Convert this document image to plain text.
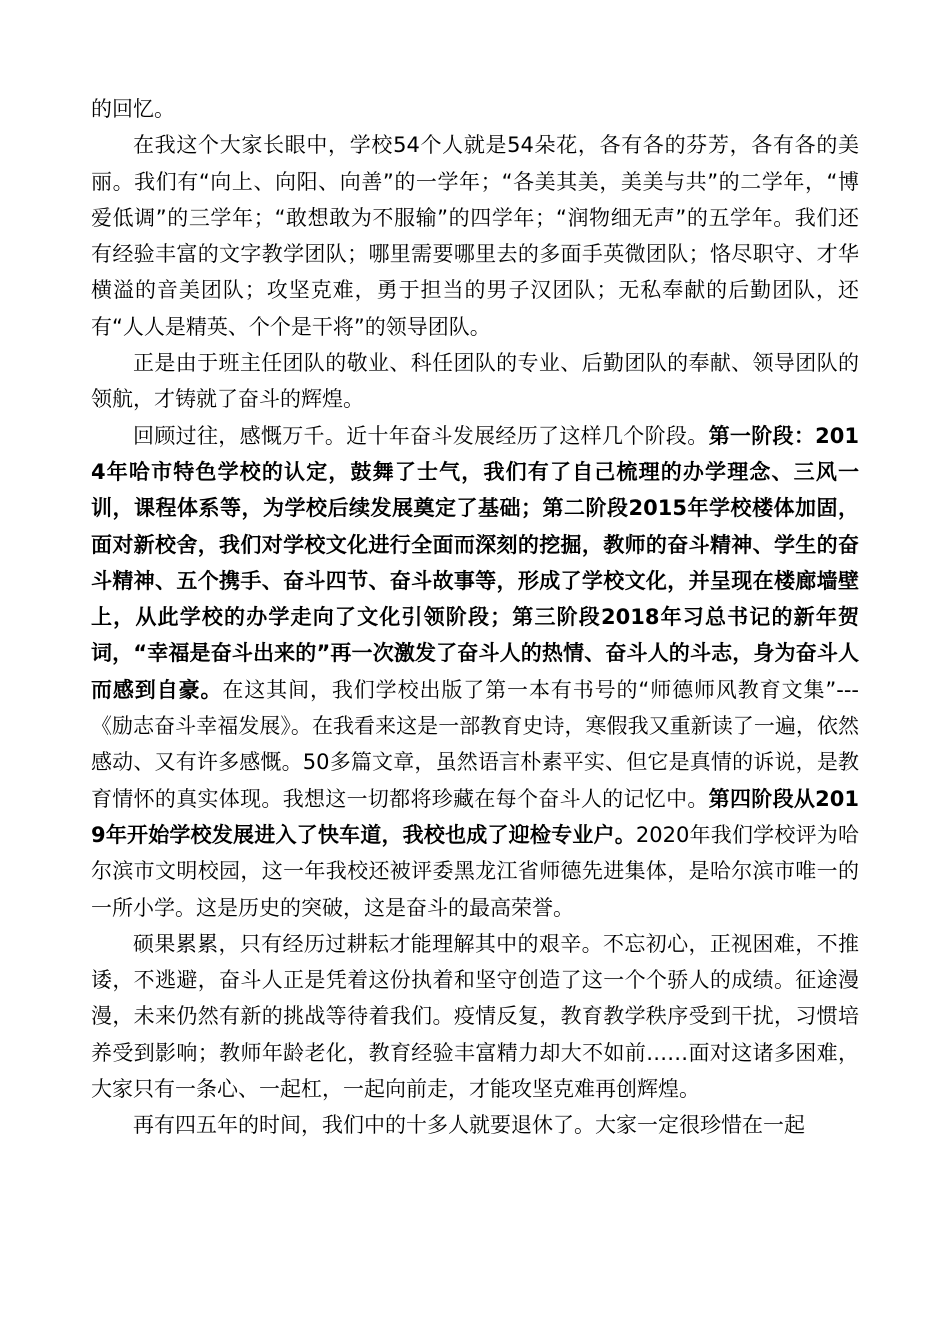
的回忆。

在我这个大家长眼中，学校54个人就是54朵花，各有各的芬芳，各有各的美丽。我们有“向上、向阳、向善”的一学年；“各美其美，美美与共”的二学年，“博爱低调”的三学年；“敢想敢为不服输”的四学年；“润物细无声”的五学年。我们还有经验丰富的文字教学团队；哪里需要哪里去的多面手英微团队；恪尽职守、才华横溢的音美团队；攻坚克难，勇于担当的男子汉团队；无私奉献的后勤团队，还有“人人是精英、个个是干将”的领导团队。

正是由于班主任团队的敬业、科任团队的专业、后勤团队的奉献、领导团队的领航，才铸就了奋斗的辉煌。

回顾过往，感慨万千。近十年奋斗发展经历了这样几个阶段。第一阶段：2014年哈市特色学校的认定，鼓舞了士气，我们有了自己梳理的办学理念、三风一训，课程体系等，为学校后续发展奠定了基础；第二阶段2015年学校楼体加固，面对新校舍，我们对学校文化进行全面而深刻的挖掘，教师的奋斗精神、学生的奋斗精神、五个携手、奋斗四节、奋斗故事等，形成了学校文化，并呈现在楼廊墙壁上，从此学校的办学走向了文化引领阶段；第三阶段2018年习总书记的新年贺词，“幸福是奋斗出来的”再一次激发了奋斗人的热情、奋斗人的斗志，身为奋斗人而感到自豪。在这其间，我们学校出版了第一本有书号的“师德师风教育文集”---《励志奋斗幸福发展》。在我看来这是一部教育史诗，寒假我又重新读了一遍，依然感动、又有许多感慨。50多篇文章，虽然语言朴素平实、但它是真情的诉说，是教育情怀的真实体现。我想这一切都将珍藏在每个奋斗人的记忆中。第四阶段从2019年开始学校发展进入了快车道，我校也成了迎检专业户。2020年我们学校评为哈尔滨市文明校园，这一年我校还被评委黑龙江省师德先进集体，是哈尔滨市唯一的一所小学。这是历史的突破，这是奋斗的最高荣誉。

硕果累累，只有经历过耕耘才能理解其中的艰辛。不忘初心，正视困难，不推诿，不逃避，奋斗人正是凭着这份执着和坚守创造了这一个个骄人的成绩。征途漫漫，未来仍然有新的挑战等待着我们。疫情反复，教育教学秩序受到干扰，习惯培养受到影响；教师年龄老化，教育经验丰富精力却大不如前……面对这诸多困难，大家只有一条心、一起杠，一起向前走，才能攻坚克难再创辉煌。

再有四五年的时间，我们中的十多人就要退休了。大家一定很珍惜在一起
